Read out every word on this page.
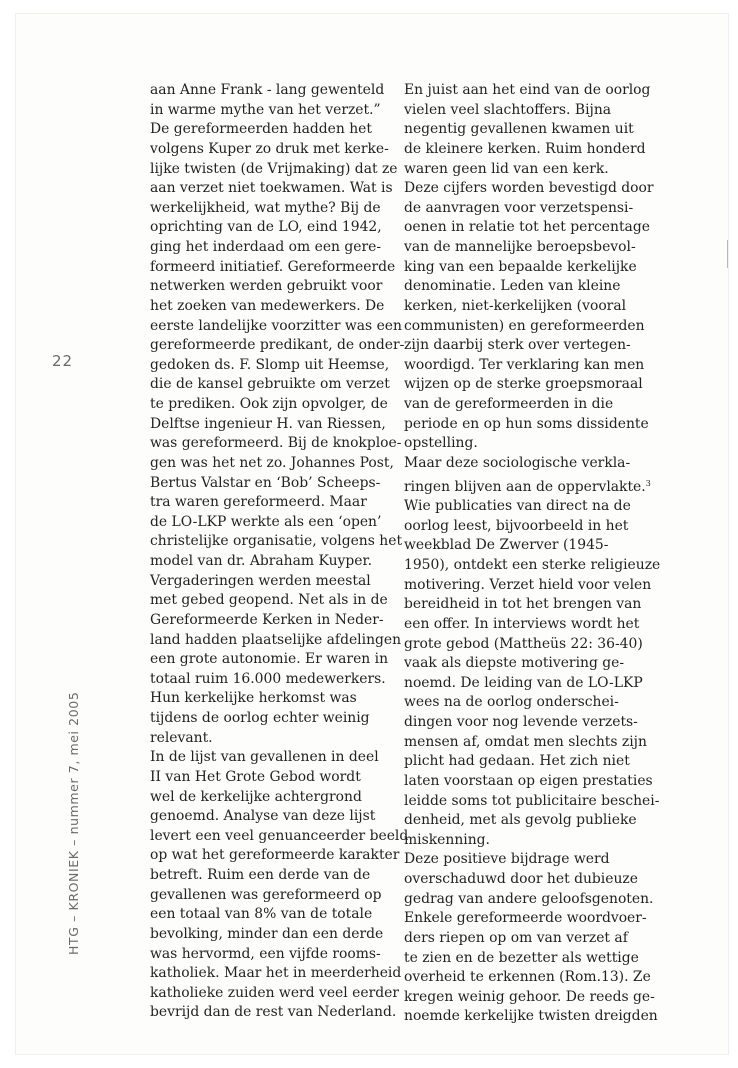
22
HTG – KRONIEK – nummer 7, mei 2005
aan Anne Frank - lang gewenteld
in warme mythe van het verzet.”
De gereformeerden hadden het
volgens Kuper zo druk met kerke-
lijke twisten (de Vrijmaking) dat ze
aan verzet niet toekwamen. Wat is
werkelijkheid, wat mythe? Bij de
oprichting van de LO, eind 1942,
ging het inderdaad om een gere-
formeerd initiatief. Gereformeerde
netwerken werden gebruikt voor
het zoeken van medewerkers. De
eerste landelijke voorzitter was een
gereformeerde predikant, de onder-
gedoken ds. F. Slomp uit Heemse,
die de kansel gebruikte om verzet
te prediken. Ook zijn opvolger, de
Delftse ingenieur H. van Riessen,
was gereformeerd. Bij de knokploe-
gen was het net zo. Johannes Post,
Bertus Valstar en ‘Bob’ Scheeps-
tra waren gereformeerd. Maar
de LO-LKP werkte als een ‘open’
christelijke organisatie, volgens het
model van dr. Abraham Kuyper.
Vergaderingen werden meestal
met gebed geopend. Net als in de
Gereformeerde Kerken in Neder-
land hadden plaatselijke afdelingen
een grote autonomie. Er waren in
totaal ruim 16.000 medewerkers.
Hun kerkelijke herkomst was
tijdens de oorlog echter weinig
relevant.
In de lijst van gevallenen in deel
II van Het Grote Gebod wordt
wel de kerkelijke achtergrond
genoemd. Analyse van deze lijst
levert een veel genuanceerder beeld
op wat het gereformeerde karakter
betreft. Ruim een derde van de
gevallenen was gereformeerd op
een totaal van 8% van de totale
bevolking, minder dan een derde
was hervormd, een vijfde rooms-
katholiek. Maar het in meerderheid
katholieke zuiden werd veel eerder
bevrijd dan de rest van Nederland.
En juist aan het eind van de oorlog
vielen veel slachtoffers. Bijna
negentig gevallenen kwamen uit
de kleinere kerken. Ruim honderd
waren geen lid van een kerk.
Deze cijfers worden bevestigd door
de aanvragen voor verzetspensi-
oenen in relatie tot het percentage
van de mannelijke beroepsbevol-
king van een bepaalde kerkelijke
denominatie. Leden van kleine
kerken, niet-kerkelijken (vooral
communisten) en gereformeerden
zijn daarbij sterk over vertegen-
woordigd. Ter verklaring kan men
wijzen op de sterke groepsmoraal
van de gereformeerden in die
periode en op hun soms dissidente
opstelling.
Maar deze sociologische verkla-
ringen blijven aan de oppervlakte.$^3$
Wie publicaties van direct na de
oorlog leest, bijvoorbeeld in het
weekblad De Zwerver (1945-
1950), ontdekt een sterke religieuze
motivering. Verzet hield voor velen
bereidheid in tot het brengen van
een offer. In interviews wordt het
grote gebod (Mattheüs 22: 36-40)
vaak als diepste motivering ge-
noemd. De leiding van de LO-LKP
wees na de oorlog onderschei-
dingen voor nog levende verzets-
mensen af, omdat men slechts zijn
plicht had gedaan. Het zich niet
laten voorstaan op eigen prestaties
leidde soms tot publicitaire beschei-
denheid, met als gevolg publieke
miskenning.
Deze positieve bijdrage werd
overschaduwd door het dubieuze
gedrag van andere geloofsgenoten.
Enkele gereformeerde woordvoer-
ders riepen op om van verzet af
te zien en de bezetter als wettige
overheid te erkennen (Rom.13). Ze
kregen weinig gehoor. De reeds ge-
noemde kerkelijke twisten dreigden
